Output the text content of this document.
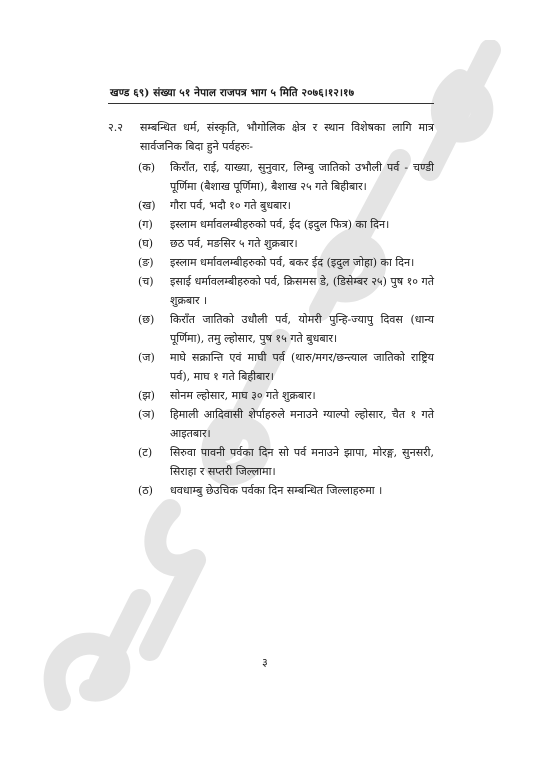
खण्ड ६९) संख्या ५१ नेपाल राजपत्र भाग ५ मिति २०७६।१२।१७
२.२	सम्बन्धित धर्म, संस्कृति, भौगोलिक क्षेत्र र स्थान विशेषका लागि मात्र सार्वजनिक बिदा हुने पर्वहरुः-
(क)	किराँत, राई, याख्या, सुनुवार, लिम्बु जातिको उभौली पर्व - चण्डी पूर्णिमा (बैशाख पूर्णिमा), बैशाख २५ गते बिहीबार।
(ख)	गौरा पर्व, भदौ १० गते बुधबार।
(ग)	इस्लाम धर्मावलम्बीहरुको पर्व, ईद (इदुल फित्र) का दिन।
(घ)	छठ पर्व, मङसिर ५ गते शुक्रबार।
(ङ)	इस्लाम धर्मावलम्बीहरुको पर्व, बकर ईद (इदुल जोहा) का दिन।
(च)	इसाई धर्मावलम्बीहरुको पर्व, क्रिसमस डे, (डिसेम्बर २५) पुष १० गते शुक्रबार ।
(छ)	किराँत जातिको उधौली पर्व, योमरी पुन्हि-ज्यापु दिवस (धान्य पूर्णिमा), तमु ल्होसार, पुष १५ गते बुधबार।
(ज)	माघे सक्रान्ति एवं माघी पर्व (थारु/मगर/छन्त्याल जातिको राष्ट्रिय पर्व), माघ १ गते बिहीबार।
(झ)	सोनम ल्होसार, माघ ३० गते शुक्रबार।
(ञ)	हिमाली आदिवासी शेर्पाहरुले मनाउने ग्याल्पो ल्होसार, चैत १ गते आइतबार।
(ट)	सिरुवा पावनी पर्वका दिन सो पर्व मनाउने झापा, मोरङ्ग, सुनसरी, सिराहा र सप्तरी जिल्लामा।
(ठ)	धवधाम्बु छेउचिक पर्वका दिन सम्बन्धित जिल्लाहरुमा ।
३
